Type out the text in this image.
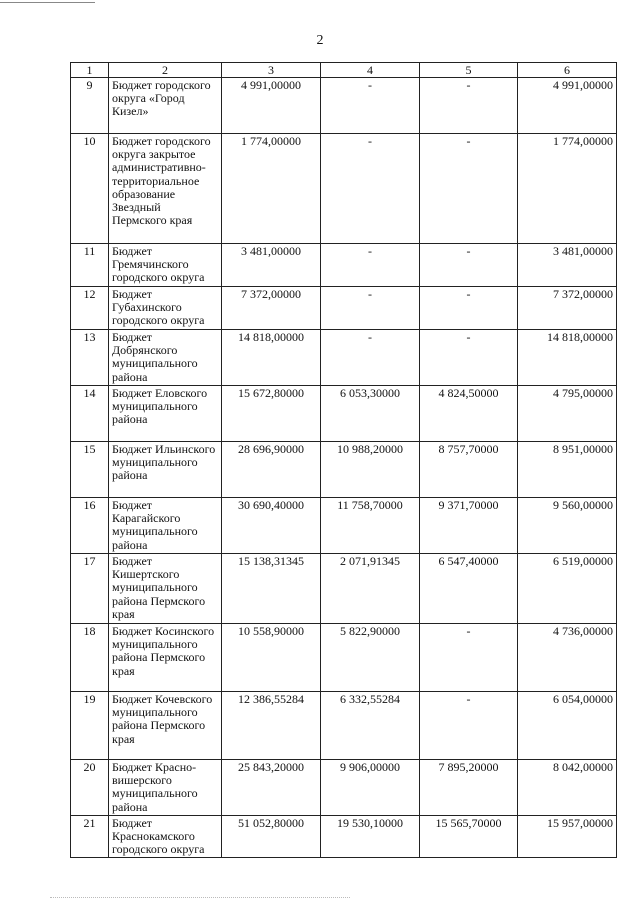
2
1	2	3	4	5	6
9	Бюджет городского округа «Город Кизел»	4 991,00000	-	-	4 991,00000
10	Бюджет городского округа закрытое административно-территориальное образование Звездный Пермского края	1 774,00000	-	-	1 774,00000
11	Бюджет Гремячинского городского округа	3 481,00000	-	-	3 481,00000
12	Бюджет Губахинского городского округа	7 372,00000	-	-	7 372,00000
13	Бюджет Добрянского муниципального района	14 818,00000	-	-	14 818,00000
14	Бюджет Еловского муниципального района	15 672,80000	6 053,30000	4 824,50000	4 795,00000
15	Бюджет Ильинского муниципального района	28 696,90000	10 988,20000	8 757,70000	8 951,00000
16	Бюджет Карагайского муниципального района	30 690,40000	11 758,70000	9 371,70000	9 560,00000
17	Бюджет Кишертского муниципального района Пермского края	15 138,31345	2 071,91345	6 547,40000	6 519,00000
18	Бюджет Косинского муниципального района Пермского края	10 558,90000	5 822,90000	-	4 736,00000
19	Бюджет Кочевского муниципального района Пермского края	12 386,55284	6 332,55284	-	6 054,00000
20	Бюджет Красно-вишерского муниципального района	25 843,20000	9 906,00000	7 895,20000	8 042,00000
21	Бюджет Краснокамского городского округа	51 052,80000	19 530,10000	15 565,70000	15 957,00000
